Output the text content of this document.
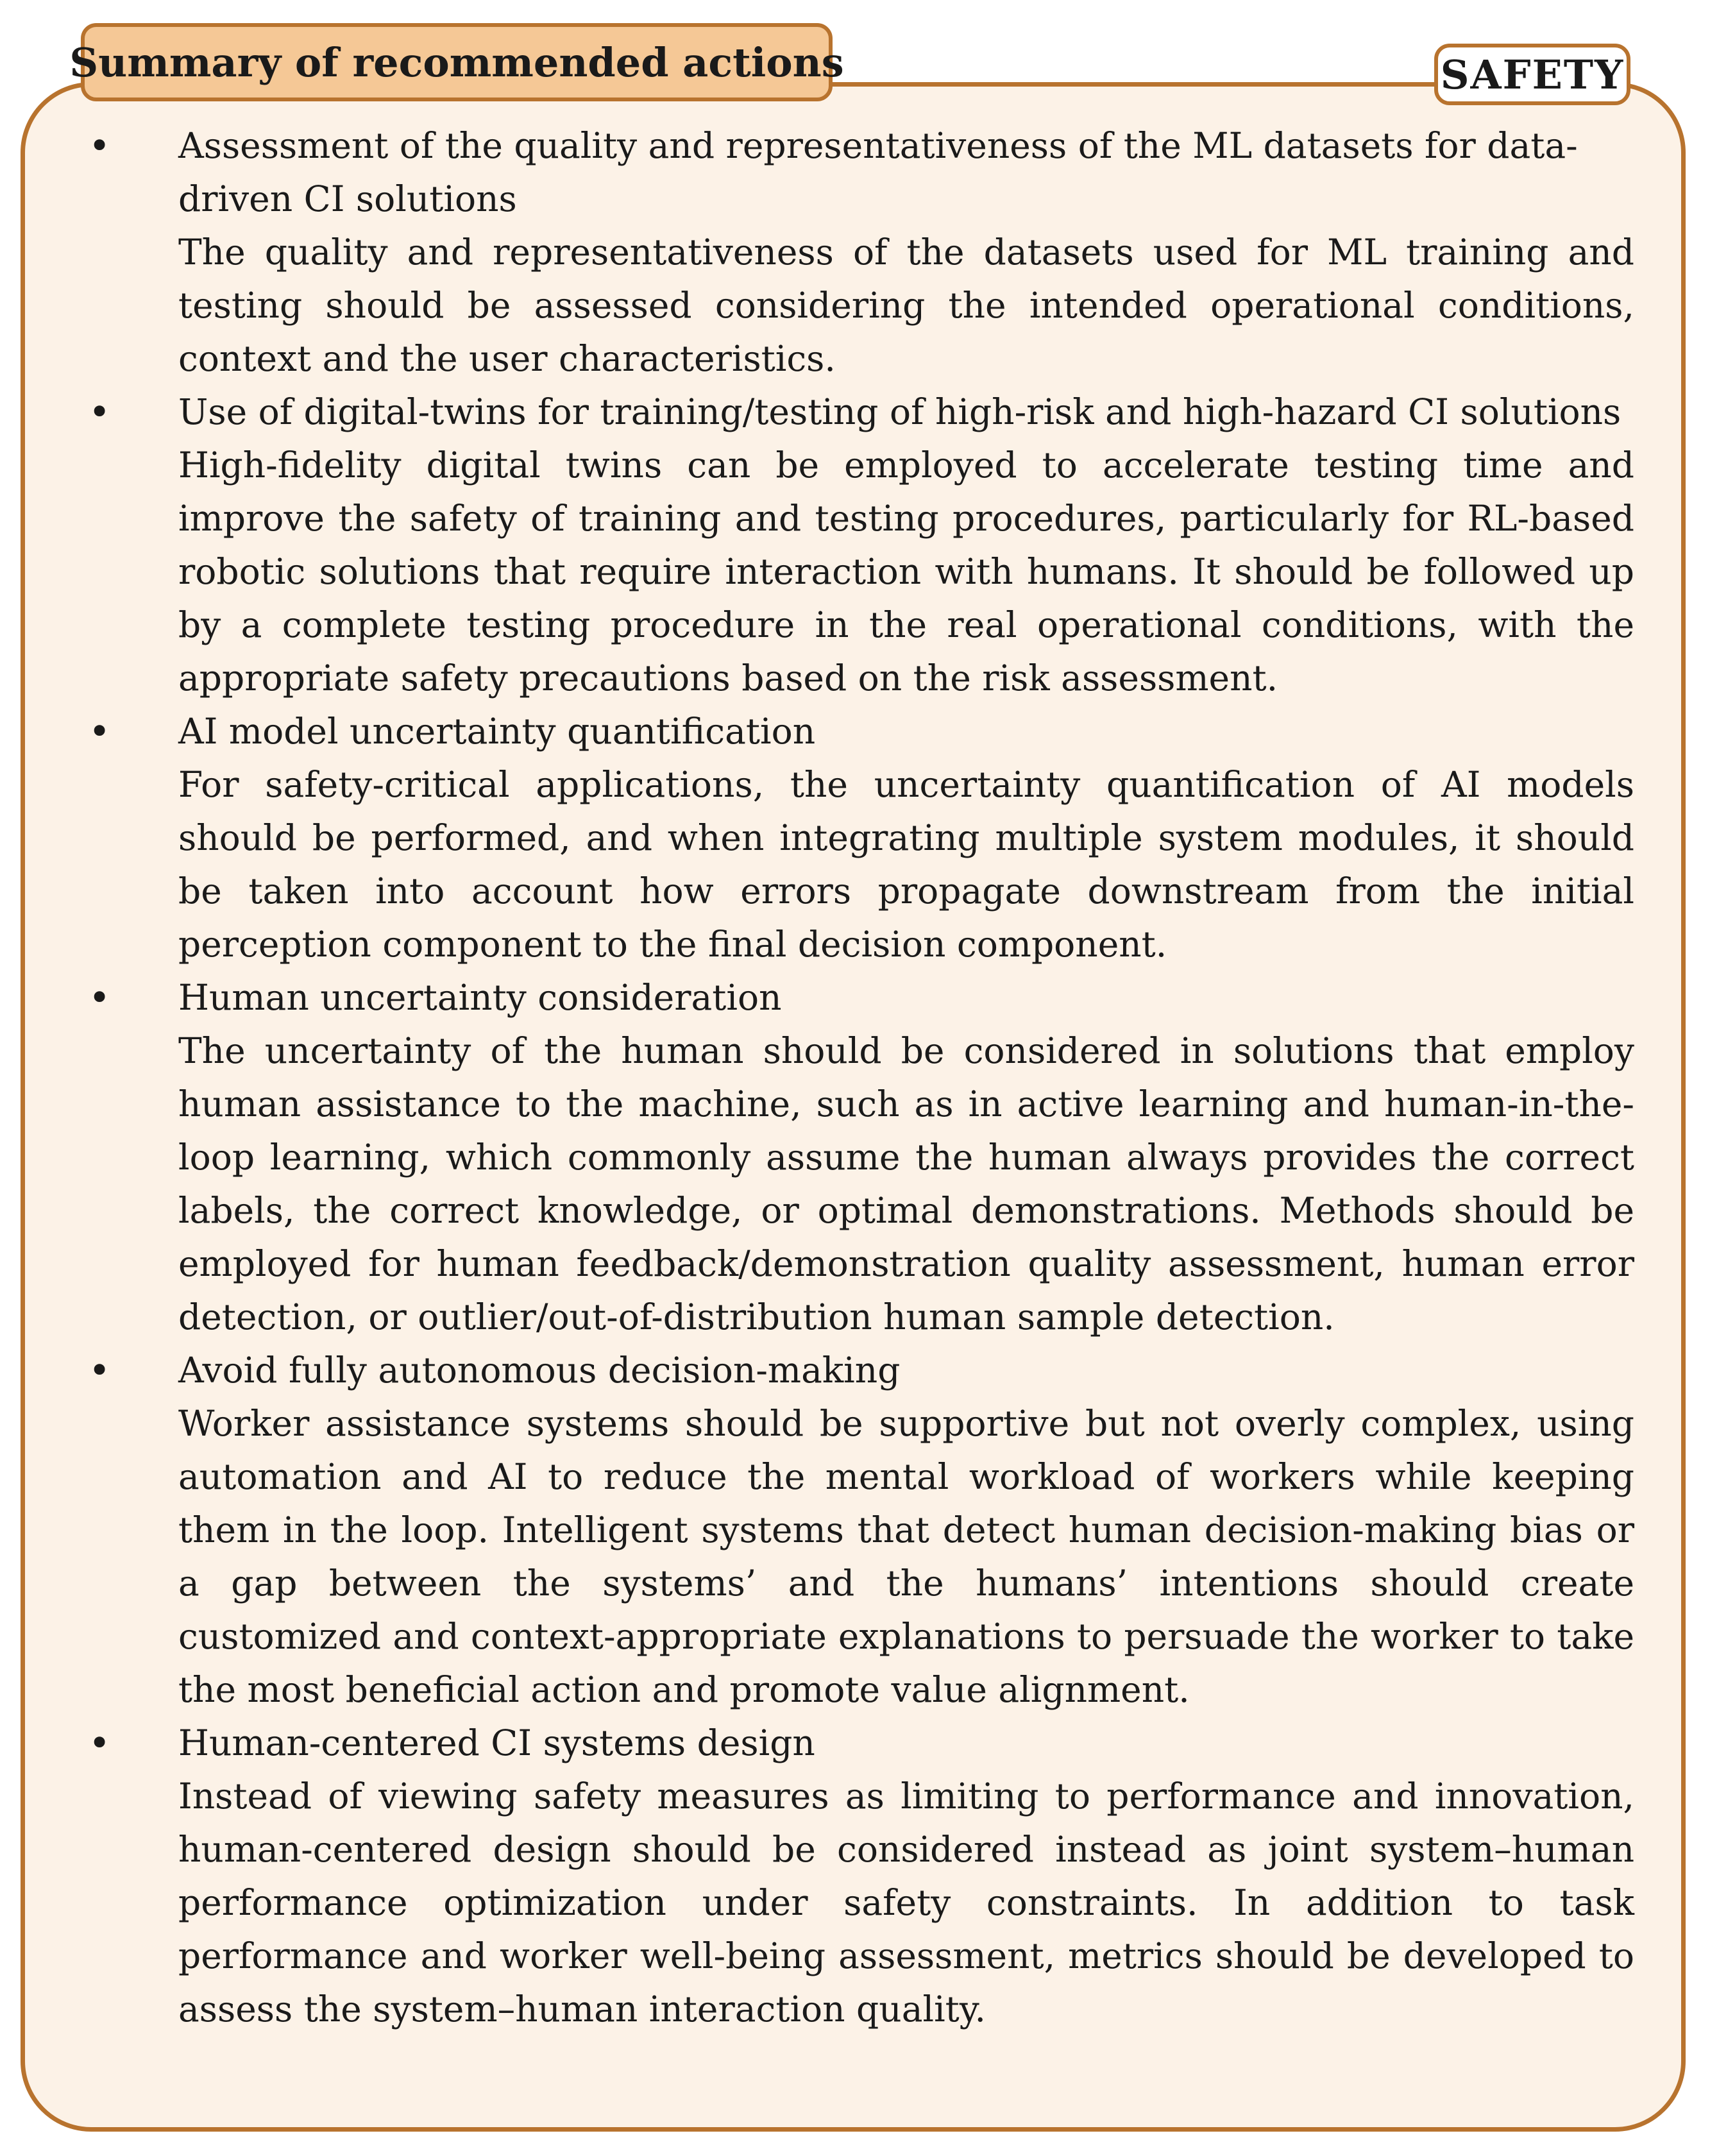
Summary of recommended actions	SAFETY
• Assessment of the quality and representativeness of the ML datasets for data-driven CI solutions
The quality and representativeness of the datasets used for ML training and testing should be assessed considering the intended operational conditions, context and the user characteristics.
• Use of digital-twins for training/testing of high-risk and high-hazard CI solutions
High-fidelity digital twins can be employed to accelerate testing time and improve the safety of training and testing procedures, particularly for RL-based robotic solutions that require interaction with humans. It should be followed up by a complete testing procedure in the real operational conditions, with the appropriate safety precautions based on the risk assessment.
• AI model uncertainty quantification
For safety-critical applications, the uncertainty quantification of AI models should be performed, and when integrating multiple system modules, it should be taken into account how errors propagate downstream from the initial perception component to the final decision component.
• Human uncertainty consideration
The uncertainty of the human should be considered in solutions that employ human assistance to the machine, such as in active learning and human-in-the-loop learning, which commonly assume the human always provides the correct labels, the correct knowledge, or optimal demonstrations. Methods should be employed for human feedback/demonstration quality assessment, human error detection, or outlier/out-of-distribution human sample detection.
• Avoid fully autonomous decision-making
Worker assistance systems should be supportive but not overly complex, using automation and AI to reduce the mental workload of workers while keeping them in the loop. Intelligent systems that detect human decision-making bias or a gap between the systems’ and the humans’ intentions should create customized and context-appropriate explanations to persuade the worker to take the most beneficial action and promote value alignment.
• Human-centered CI systems design
Instead of viewing safety measures as limiting to performance and innovation, human-centered design should be considered instead as joint system–human performance optimization under safety constraints. In addition to task performance and worker well-being assessment, metrics should be developed to assess the system–human interaction quality.
